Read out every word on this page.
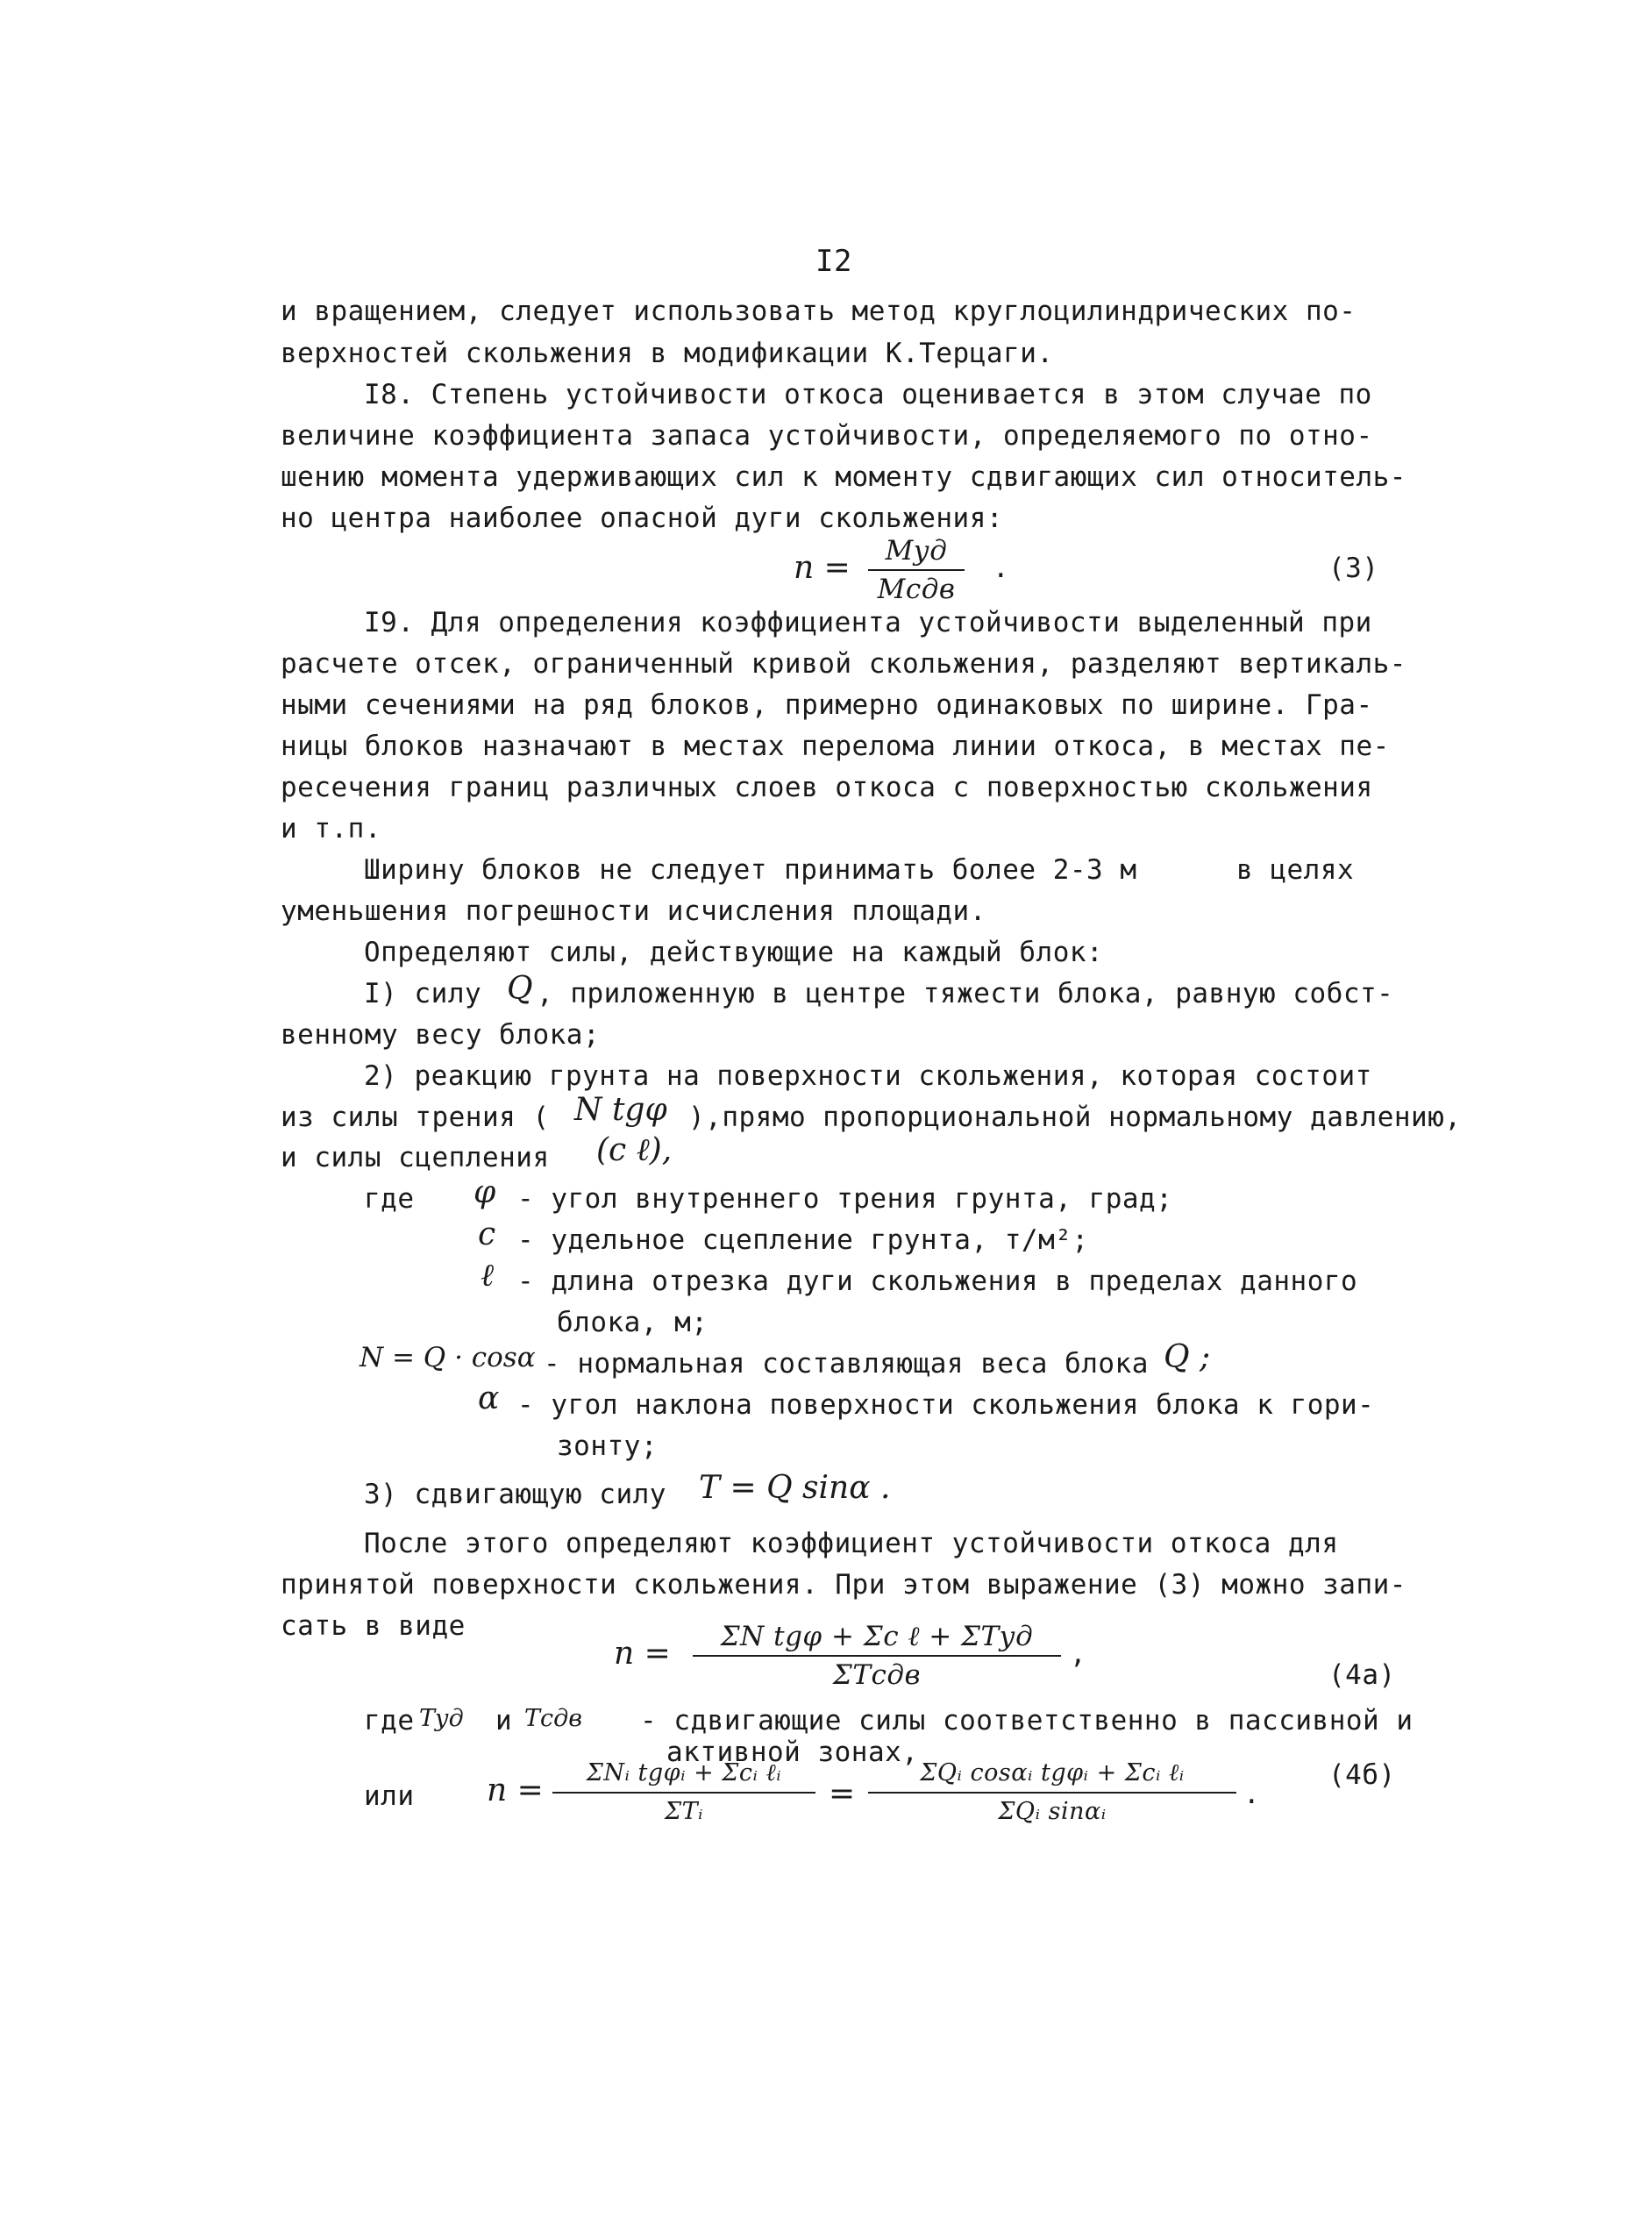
I2
и вращением, следует использовать метод круглоцилиндрических по-
верхностей скольжения в модификации К.Терцаги.
I8. Степень устойчивости откоса оценивается в этом случае по
величине коэффициента запаса устойчивости, определяемого по отно-
шению момента удерживающих сил к моменту сдвигающих сил относитель-
но центра наиболее опасной дуги скольжения:
n =	Mуд
Mсдв
.	(3)
I9. Для определения коэффициента устойчивости выделенный при
расчете отсек, ограниченный кривой скольжения, разделяют вертикаль-
ными сечениями на ряд блоков, примерно одинаковых по ширине. Гра-
ницы блоков назначают в местах перелома линии откоса, в местах пе-
ресечения границ различных слоев откоса с поверхностью скольжения
и т.п.
Ширину блоков не следует принимать более 2-3 м	в целях
уменьшения погрешности исчисления площади.
Определяют силы, действующие на каждый блок:
I) силу Q , приложенную в центре тяжести блока, равную собст-
венному весу блока;
2) реакцию грунта на поверхности скольжения, которая состоит
из силы трения ( N tgφ ),прямо пропорциональной нормальному давлению,
и силы сцепления (c ℓ),
где φ - угол внутреннего трения грунта, град;
c - удельное сцепление грунта, т/м²;
ℓ - длина отрезка дуги скольжения в пределах данного
блока, м;
N = Q · cosα - нормальная составляющая веса блока Q ;
α - угол наклона поверхности скольжения блока к гори-
зонту;
3) сдвигающую силу T = Q sinα .
После этого определяют коэффициент устойчивости откоса для
принятой поверхности скольжения. При этом выражение (3) можно запи-
сать в виде
n =	ΣN tgφ + Σc ℓ + ΣTуд
ΣTсдв
,
(4а)
где Tуд и Tсдв - сдвигающие силы соответственно в пассивной и
активной зонах,
или n =	ΣNᵢ tgφᵢ + Σcᵢ ℓᵢ
ΣTᵢ	=
ΣQᵢ cosαᵢ tgφᵢ + Σcᵢ ℓᵢ
ΣQᵢ sinαᵢ
.
(4б)
